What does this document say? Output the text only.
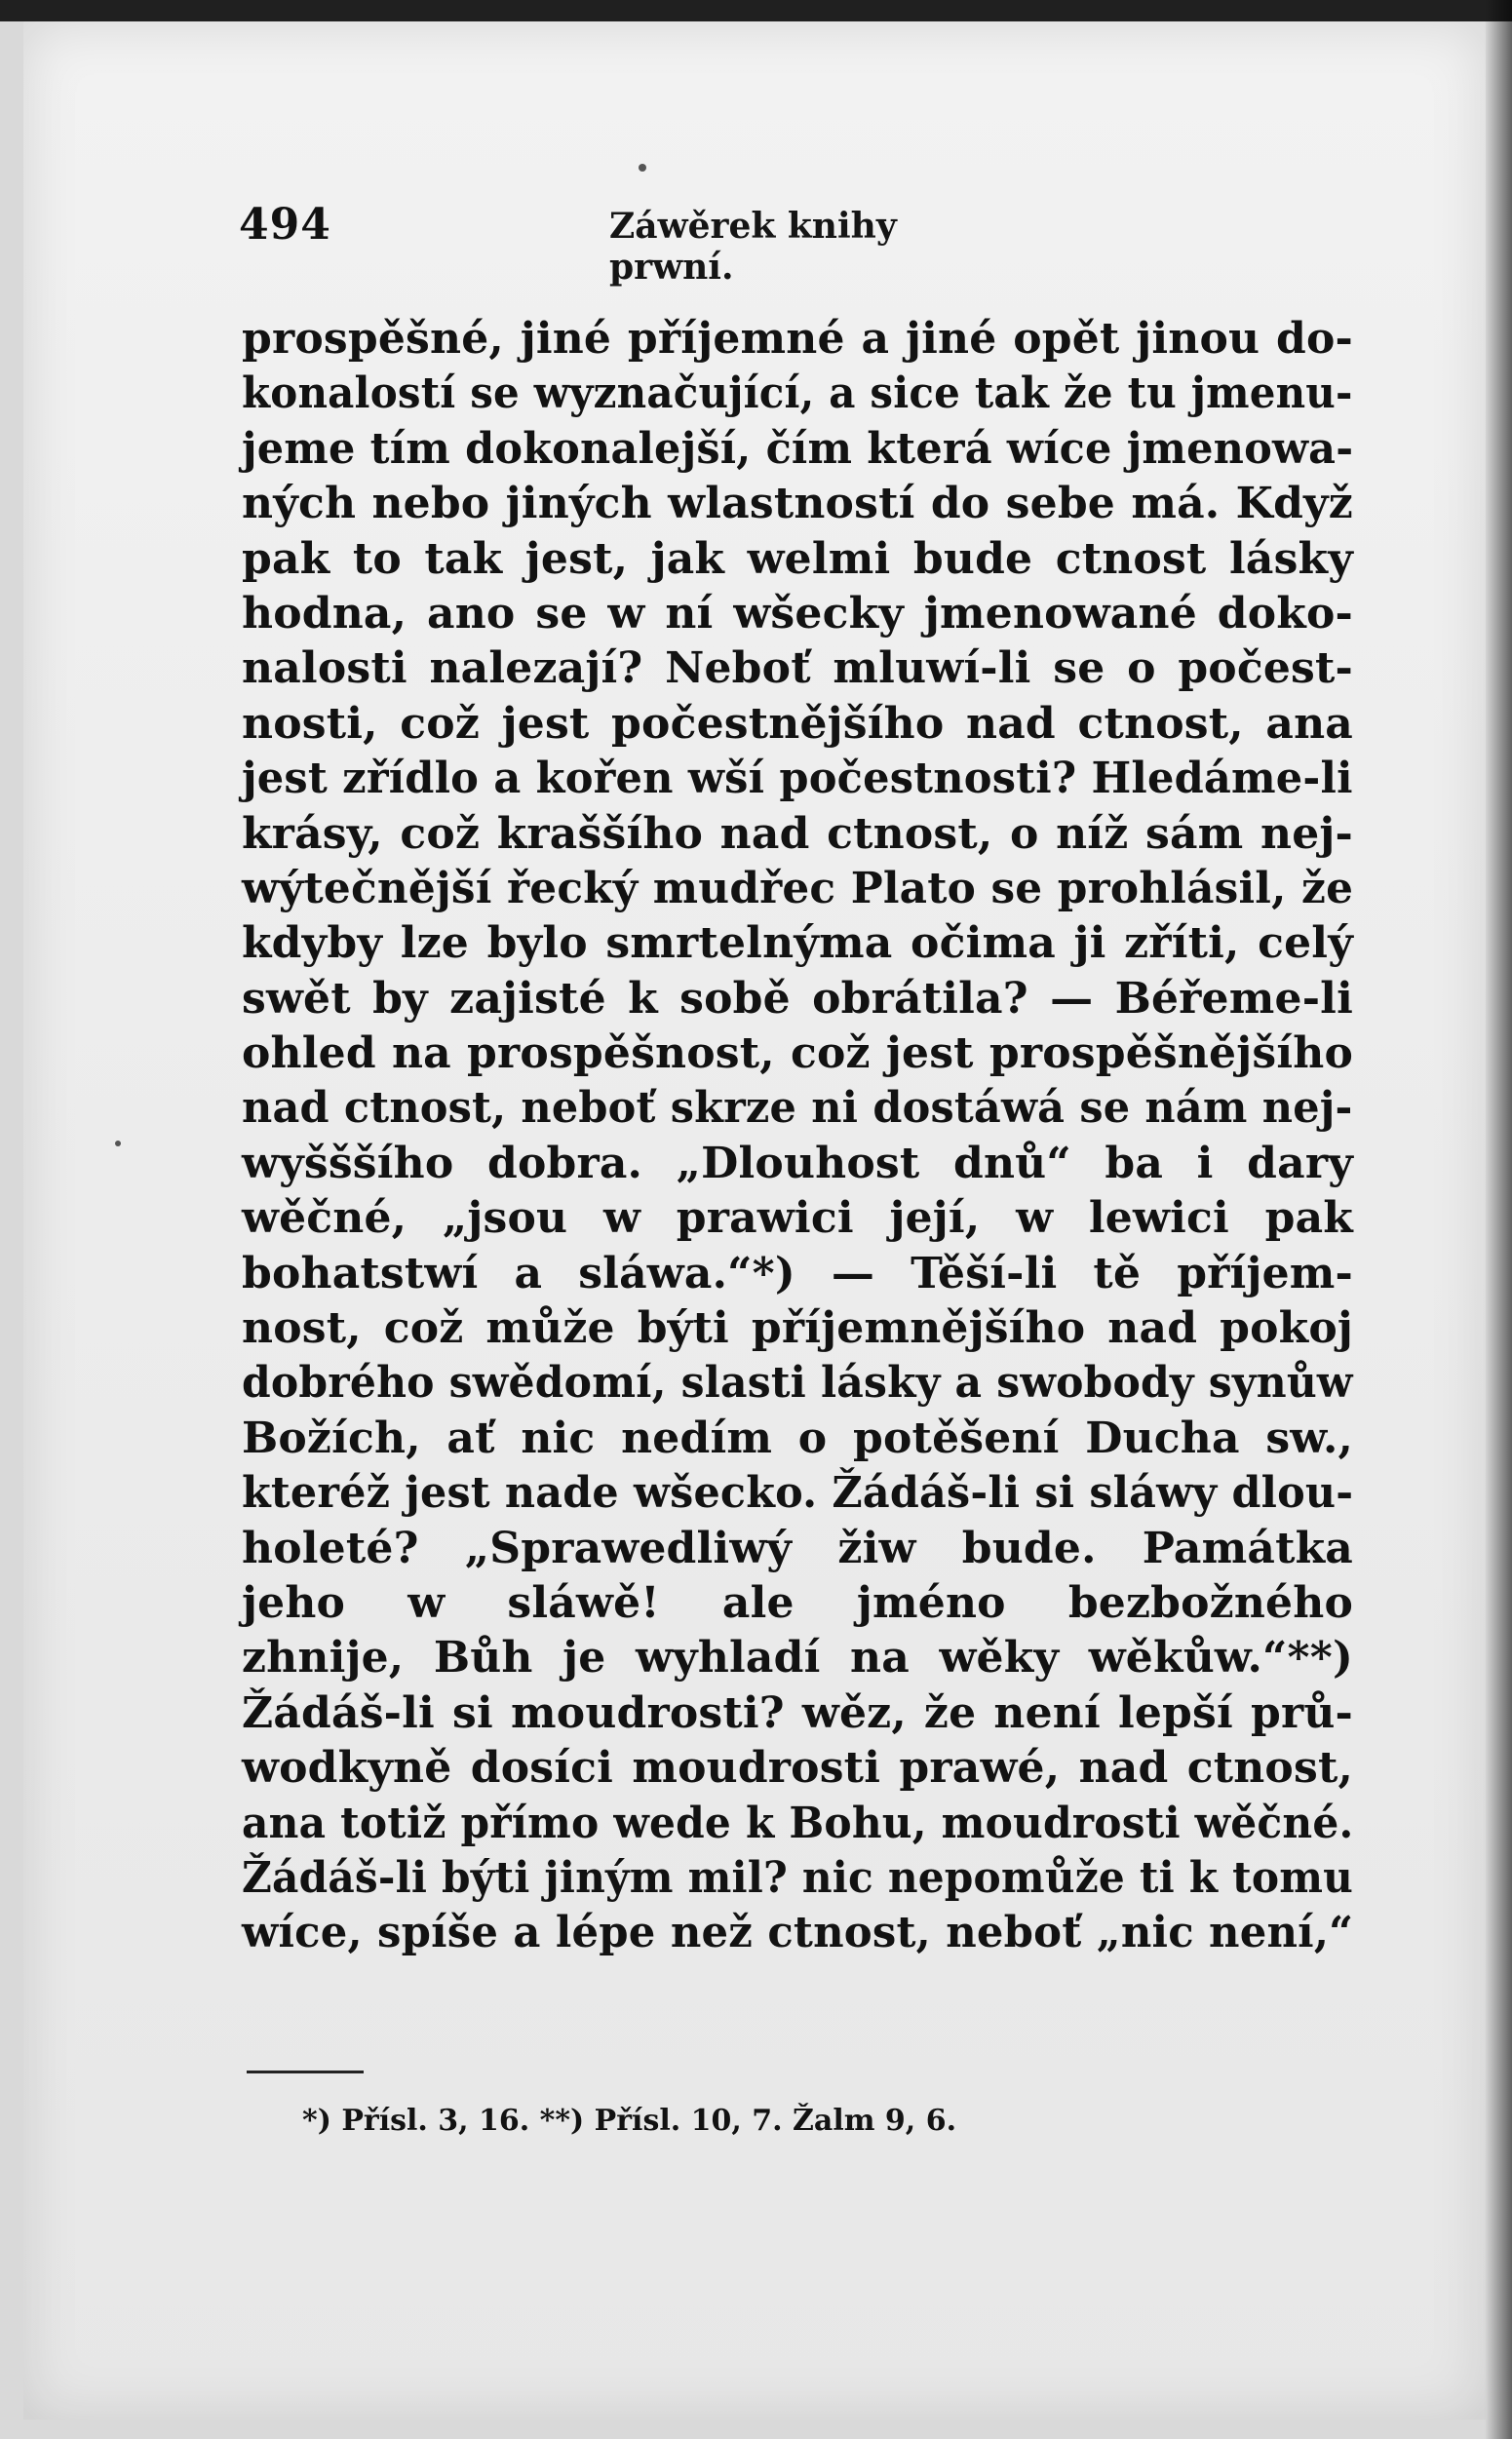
494	Záwěrek knihy prwní.
prospěšné, jiné příjemné a jiné opět jinou do-
konalostí se wyznačující, a sice tak že tu jmenu-
jeme tím dokonalejší, čím která wíce jmenowa-
ných nebo jiných wlastností do sebe má. Když
pak to tak jest, jak welmi bude ctnost lásky
hodna, ano se w ní wšecky jmenowané doko-
nalosti nalezají? Neboť mluwí-li se o počest-
nosti, což jest počestnějšího nad ctnost, ana
jest zřídlo a kořen wší počestnosti? Hledáme-li
krásy, což kraššího nad ctnost, o níž sám nej-
wýtečnější řecký mudřec Plato se prohlásil, že
kdyby lze bylo smrtelnýma očima ji zříti, celý
swět by zajisté k sobě obrátila? — Béřeme-li
ohled na prospěšnost, což jest prospěšnějšího
nad ctnost, neboť skrze ni dostáwá se nám nej-
wyšššího dobra. „Dlouhost dnů“ ba i dary
wěčné, „jsou w prawici její, w lewici pak
bohatstwí a sláwa.“*) — Těší-li tě příjem-
nost, což může býti příjemnějšího nad pokoj
dobrého swědomí, slasti lásky a swobody synůw
Božích, ať nic nedím o potěšení Ducha sw.,
kteréž jest nade wšecko. Žádáš-li si sláwy dlou-
holeté? „Sprawedliwý žiw bude. Památka
jeho w sláwě! ale jméno bezbožného
zhnije, Bůh je wyhladí na wěky wěkůw.“**)
Žádáš-li si moudrosti? wěz, že není lepší prů-
wodkyně dosíci moudrosti prawé, nad ctnost,
ana totiž přímo wede k Bohu, moudrosti wěčné.
Žádáš-li býti jiným mil? nic nepomůže ti k tomu
wíce, spíše a lépe než ctnost, neboť „nic není,“
*) Přísl. 3, 16. **) Přísl. 10, 7. Žalm 9, 6.
